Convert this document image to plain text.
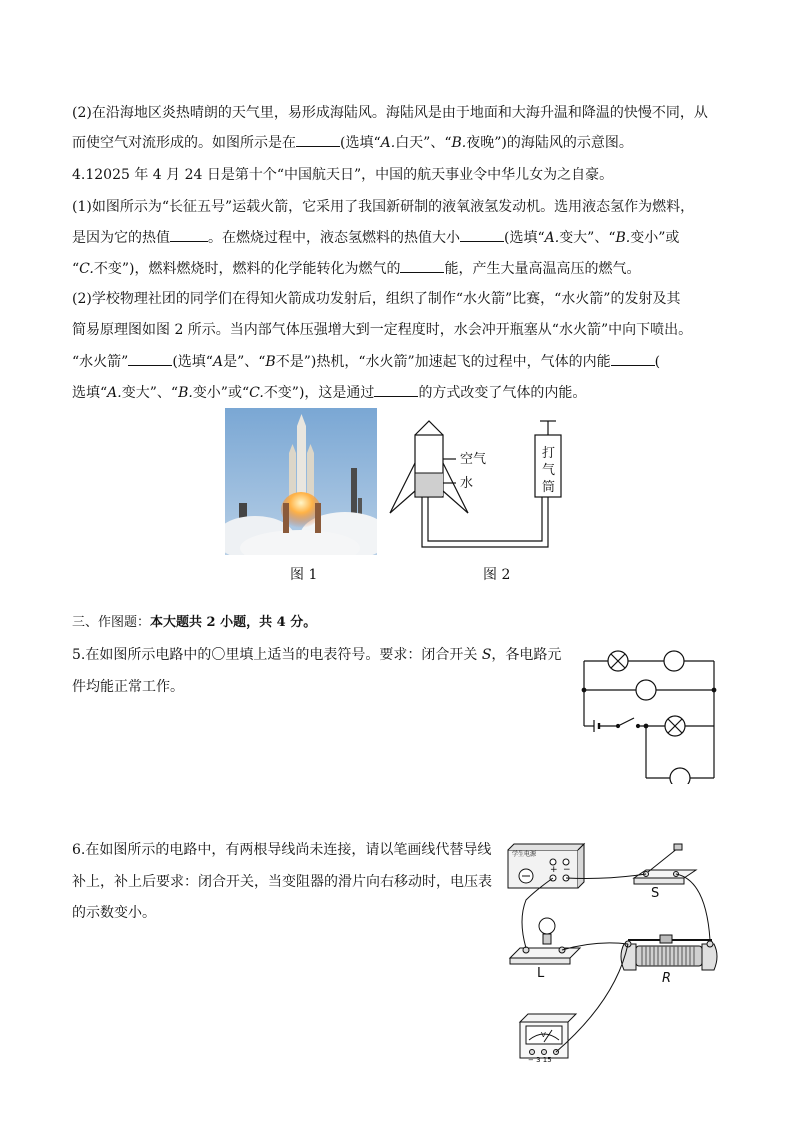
(2)在沿海地区炎热晴朗的天气里，易形成海陆风。海陆风是由于地面和大海升温和降温的快慢不同，从
而使空气对流形成的。如图所示是在	(选填“A.白天”、“B.夜晚”)的海陆风的示意图。
4.12025 年 4 月 24 日是第十个“中国航天日”，中国的航天事业令中华儿女为之自豪。
(1)如图所示为“长征五号”运载火箭，它采用了我国新研制的液氧液氢发动机。选用液态氢作为燃料，
是因为它的热值	。在燃烧过程中，液态氢燃料的热值大小	(选填“A.变大”、“B.变小”或
“C.不变”)，燃料燃烧时，燃料的化学能转化为燃气的	能，产生大量高温高压的燃气。
(2)学校物理社团的同学们在得知火箭成功发射后，组织了制作“水火箭”比赛，“水火箭”的发射及其
简易原理图如图 2 所示。当内部气体压强增大到一定程度时，水会冲开瓶塞从“水火箭”中向下喷出。
“水火箭”	(选填“A是”、“B不是”)热机，“水火箭”加速起飞的过程中，气体的内能	(
选填“A.变大”、“B.变小”或“C.不变”)，这是通过	的方式改变了气体的内能。
图 1
空气
水
打
气
筒
图 2
三、作图题：本大题共 2 小题，共 4 分。
5.在如图所示电路中的〇里填上适当的电表符号。要求：闭合开关 S，各电路元
件均能正常工作。
6.在如图所示的电路中，有两根导线尚未连接，请以笔画线代替导线
补上，补上后要求：闭合开关，当变阻器的滑片向右移动时，电压表
的示数变小。
学生电源
+ −
S
L	R
V
− 3 15
